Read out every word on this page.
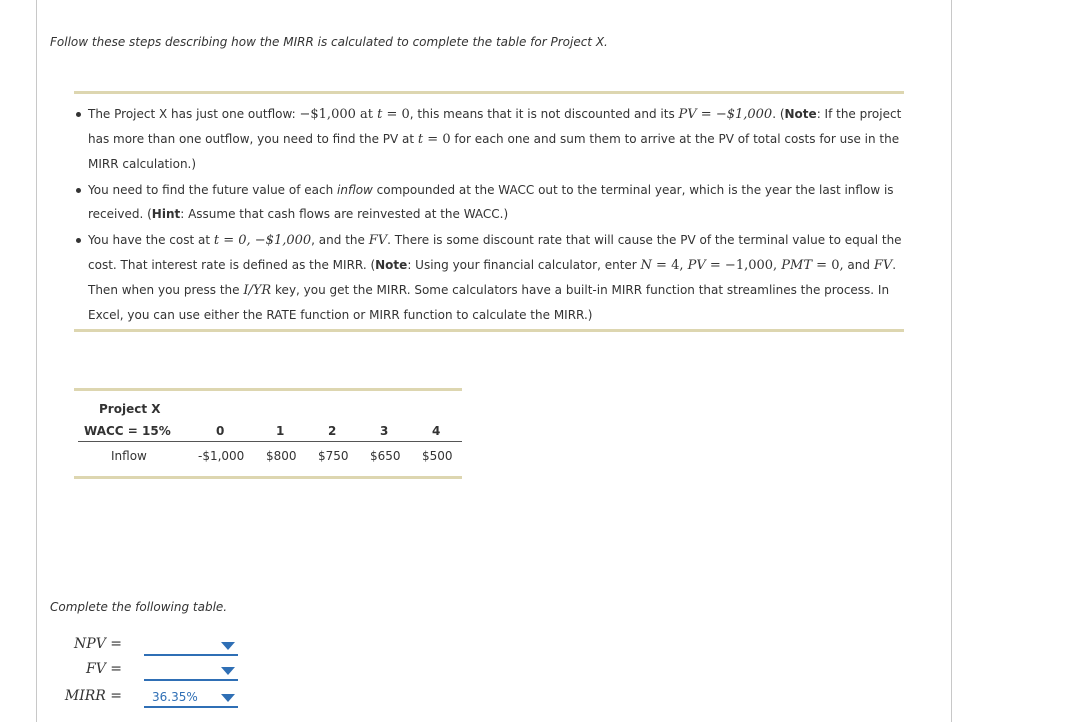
Follow these steps describing how the MIRR is calculated to complete the table for Project X.
The Project X has just one outflow: −$1,000 at t = 0, this means that it is not discounted and its PV = −$1,000. (Note: If the project has more than one outflow, you need to find the PV at t = 0 for each one and sum them to arrive at the PV of total costs for use in the MIRR calculation.)
You need to find the future value of each inflow compounded at the WACC out to the terminal year, which is the year the last inflow is received. (Hint: Assume that cash flows are reinvested at the WACC.)
You have the cost at t = 0, −$1,000, and the FV. There is some discount rate that will cause the PV of the terminal value to equal the cost. That interest rate is defined as the MIRR. (Note: Using your financial calculator, enter N = 4, PV = −1,000, PMT = 0, and FV. Then when you press the I/YR key, you get the MIRR. Some calculators have a built-in MIRR function that streamlines the process. In Excel, you can use either the RATE function or MIRR function to calculate the MIRR.)
Project X
WACC = 15%	0	1	2	3	4
Inflow	-$1,000 $800 $750 $650 $500
Complete the following table.
NPV =
FV =
MIRR =	36.35%
